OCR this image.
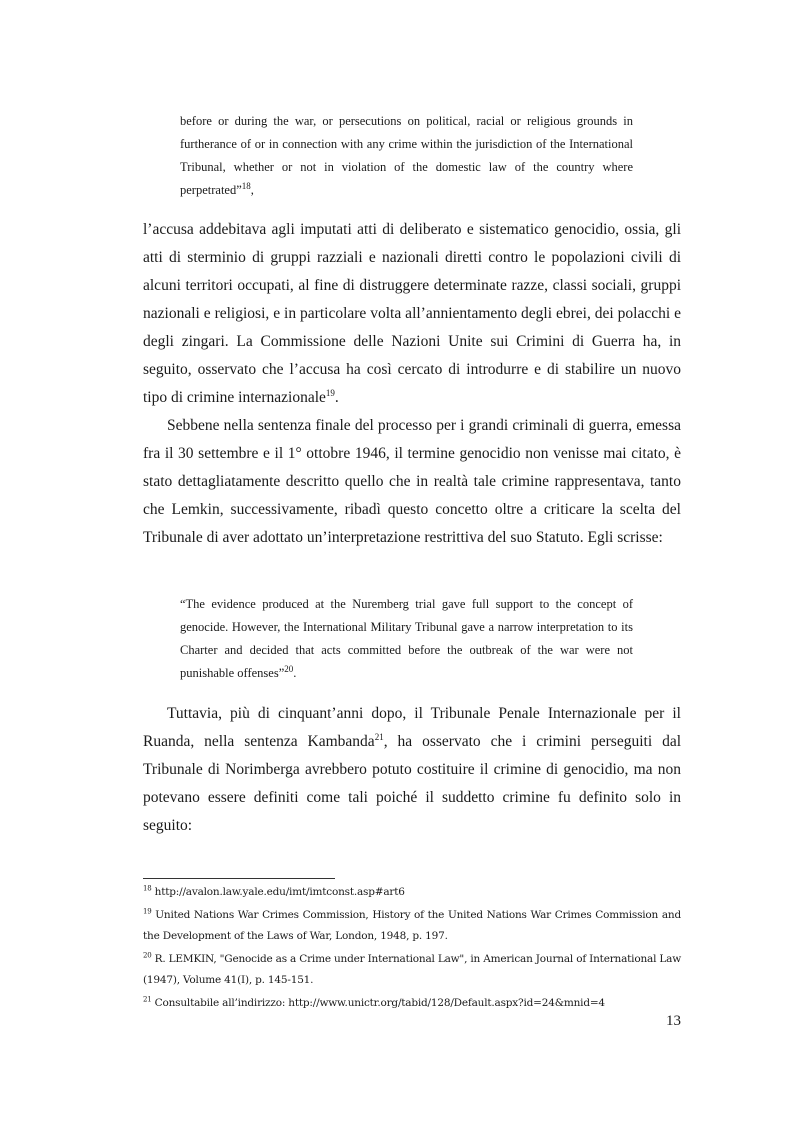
before or during the war, or persecutions on political, racial or religious grounds in furtherance of or in connection with any crime within the jurisdiction of the International Tribunal, whether or not in violation of the domestic law of the country where perpetrated”$^{18}$,

l’accusa addebitava agli imputati atti di deliberato e sistematico genocidio, ossia, gli atti di sterminio di gruppi razziali e nazionali diretti contro le popolazioni civili di alcuni territori occupati, al fine di distruggere determinate razze, classi sociali, gruppi nazionali e religiosi, e in particolare volta all’annientamento degli ebrei, dei polacchi e degli zingari. La Commissione delle Nazioni Unite sui Crimini di Guerra ha, in seguito, osservato che l’accusa ha così cercato di introdurre e di stabilire un nuovo tipo di crimine internazionale$^{19}$.

Sebbene nella sentenza finale del processo per i grandi criminali di guerra, emessa fra il 30 settembre e il 1° ottobre 1946, il termine genocidio non venisse mai citato, è stato dettagliatamente descritto quello che in realtà tale crimine rappresentava, tanto che Lemkin, successivamente, ribadì questo concetto oltre a criticare la scelta del Tribunale di aver adottato un’interpretazione restrittiva del suo Statuto. Egli scrisse:

“The evidence produced at the Nuremberg trial gave full support to the concept of genocide. However, the International Military Tribunal gave a narrow interpretation to its Charter and decided that acts committed before the outbreak of the war were not punishable offenses”$^{20}$.

Tuttavia, più di cinquant’anni dopo, il Tribunale Penale Internazionale per il Ruanda, nella sentenza Kambanda$^{21}$, ha osservato che i crimini perseguiti dal Tribunale di Norimberga avrebbero potuto costituire il crimine di genocidio, ma non potevano essere definiti come tali poiché il suddetto crimine fu definito solo in seguito:

$^{18}$ http://avalon.law.yale.edu/imt/imtconst.asp#art6

$^{19}$ United Nations War Crimes Commission, History of the United Nations War Crimes Commission and the Development of the Laws of War, London, 1948, p. 197.

$^{20}$ R. LEMKIN, "Genocide as a Crime under International Law", in American Journal of International Law (1947), Volume 41(I), p. 145-151.

$^{21}$ Consultabile all’indirizzo: http://www.unictr.org/tabid/128/Default.aspx?id=24&mnid=4

13
